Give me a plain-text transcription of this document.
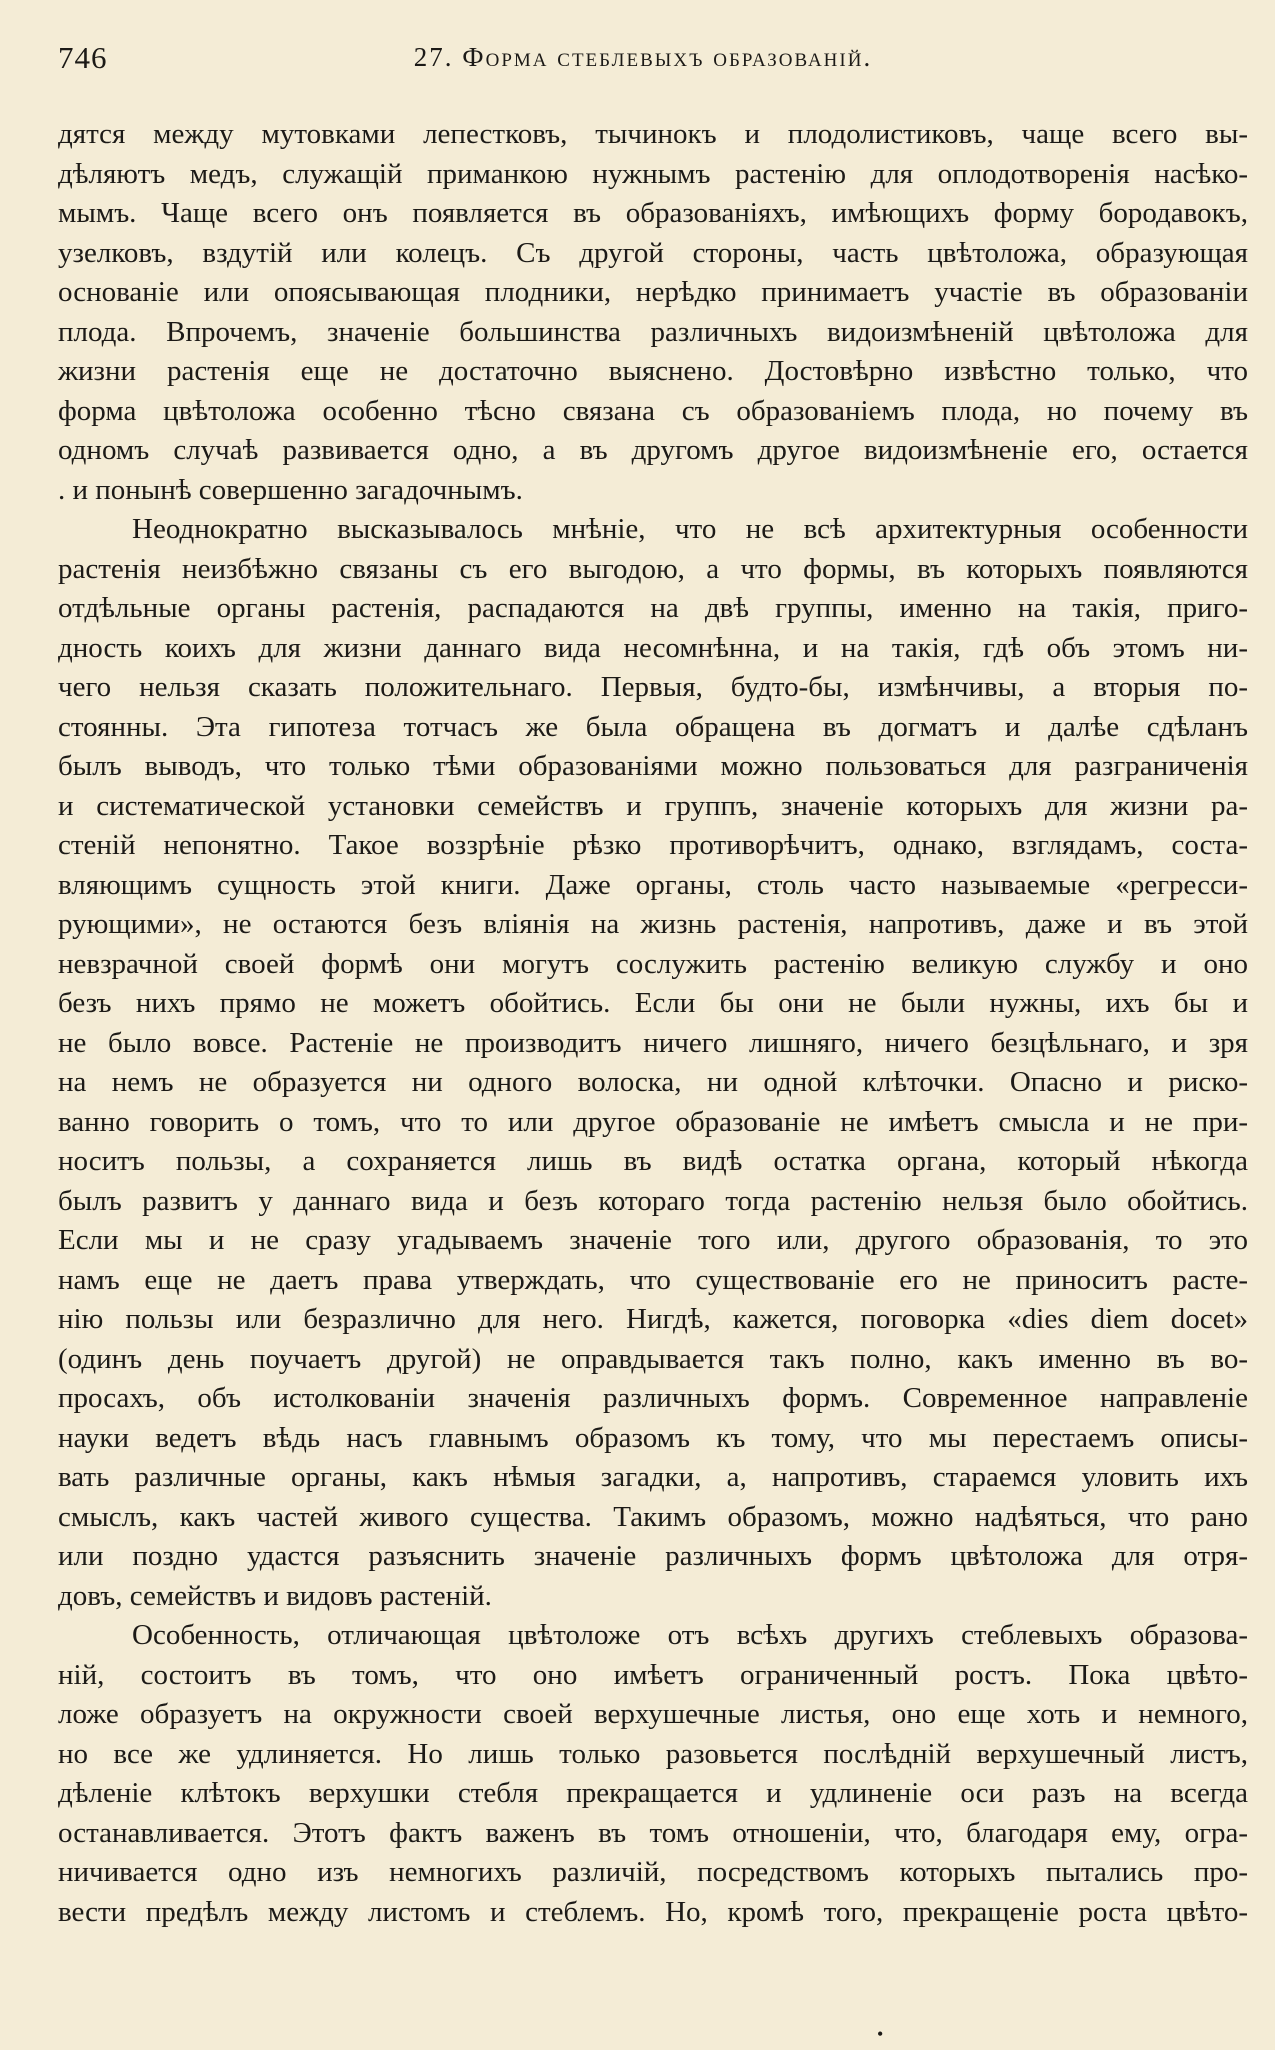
746	27. Форма стеблевыхъ образованій.
дятся между мутовками лепестковъ, тычинокъ и плодолистиковъ, чаще всего вы-
дѣляютъ медъ, служащій приманкою нужнымъ растенію для оплодотворенія насѣко-
мымъ. Чаще всего онъ появляется въ образованіяхъ, имѣющихъ форму бородавокъ,
узелковъ, вздутій или колецъ. Съ другой стороны, часть цвѣтоложа, образующая
основаніе или опоясывающая плодники, нерѣдко принимаетъ участіе въ образованіи
плода. Впрочемъ, значеніе большинства различныхъ видоизмѣненій цвѣтоложа для
жизни растенія еще не достаточно выяснено. Достовѣрно извѣстно только, что
форма цвѣтоложа особенно тѣсно связана съ образованіемъ плода, но почему въ
одномъ случаѣ развивается одно, а въ другомъ другое видоизмѣненіе его, остается
. и понынѣ совершенно загадочнымъ.
Неоднократно высказывалось мнѣніе, что не всѣ архитектурныя особенности
растенія неизбѣжно связаны съ его выгодою, а что формы, въ которыхъ появляются
отдѣльные органы растенія, распадаются на двѣ группы, именно на такія, приго-
дность коихъ для жизни даннаго вида несомнѣнна, и на такія, гдѣ объ этомъ ни-
чего нельзя сказать положительнаго. Первыя, будто-бы, измѣнчивы, а вторыя по-
стоянны. Эта гипотеза тотчасъ же была обращена въ догматъ и далѣе сдѣланъ
былъ выводъ, что только тѣми образованіями можно пользоваться для разграниченія
и систематической установки семействъ и группъ, значеніе которыхъ для жизни ра-
стеній непонятно. Такое воззрѣніе рѣзко противорѣчитъ, однако, взглядамъ, соста-
вляющимъ сущность этой книги. Даже органы, столь часто называемые «регресси-
рующими», не остаются безъ вліянія на жизнь растенія, напротивъ, даже и въ этой
невзрачной своей формѣ они могутъ сослужить растенію великую службу и оно
безъ нихъ прямо не можетъ обойтись. Если бы они не были нужны, ихъ бы и
не было вовсе. Растеніе не производитъ ничего лишняго, ничего безцѣльнаго, и зря
на немъ не образуется ни одного волоска, ни одной клѣточки. Опасно и риско-
ванно говорить о томъ, что то или другое образованіе не имѣетъ смысла и не при-
носитъ пользы, а сохраняется лишь въ видѣ остатка органа, который нѣкогда
былъ развитъ у даннаго вида и безъ котораго тогда растенію нельзя было обойтись.
Если мы и не сразу угадываемъ значеніе того или, другого образованія, то это
намъ еще не даетъ права утверждать, что существованіе его не приноситъ расте-
нію пользы или безразлично для него. Нигдѣ, кажется, поговорка «dies diem docet»
(одинъ день поучаетъ другой) не оправдывается такъ полно, какъ именно въ во-
просахъ, объ истолкованіи значенія различныхъ формъ. Современное направленіе
науки ведетъ вѣдь насъ главнымъ образомъ къ тому, что мы перестаемъ описы-
вать различные органы, какъ нѣмыя загадки, а, напротивъ, стараемся уловить ихъ
смыслъ, какъ частей живого существа. Такимъ образомъ, можно надѣяться, что рано
или поздно удастся разъяснить значеніе различныхъ формъ цвѣтоложа для отря-
довъ, семействъ и видовъ растеній.
Особенность, отличающая цвѣтоложе отъ всѣхъ другихъ стеблевыхъ образова-
ній, состоитъ въ томъ, что оно имѣетъ ограниченный ростъ. Пока цвѣто-
ложе образуетъ на окружности своей верхушечные листья, оно еще хоть и немного,
но все же удлиняется. Но лишь только разовьется послѣдній верхушечный листъ,
дѣленіе клѣтокъ верхушки стебля прекращается и удлиненіе оси разъ на всегда
останавливается. Этотъ фактъ важенъ въ томъ отношеніи, что, благодаря ему, огра-
ничивается одно изъ немногихъ различій, посредствомъ которыхъ пытались про-
вести предѣлъ между листомъ и стеблемъ. Но, кромѣ того, прекращеніе роста цвѣто-
•
